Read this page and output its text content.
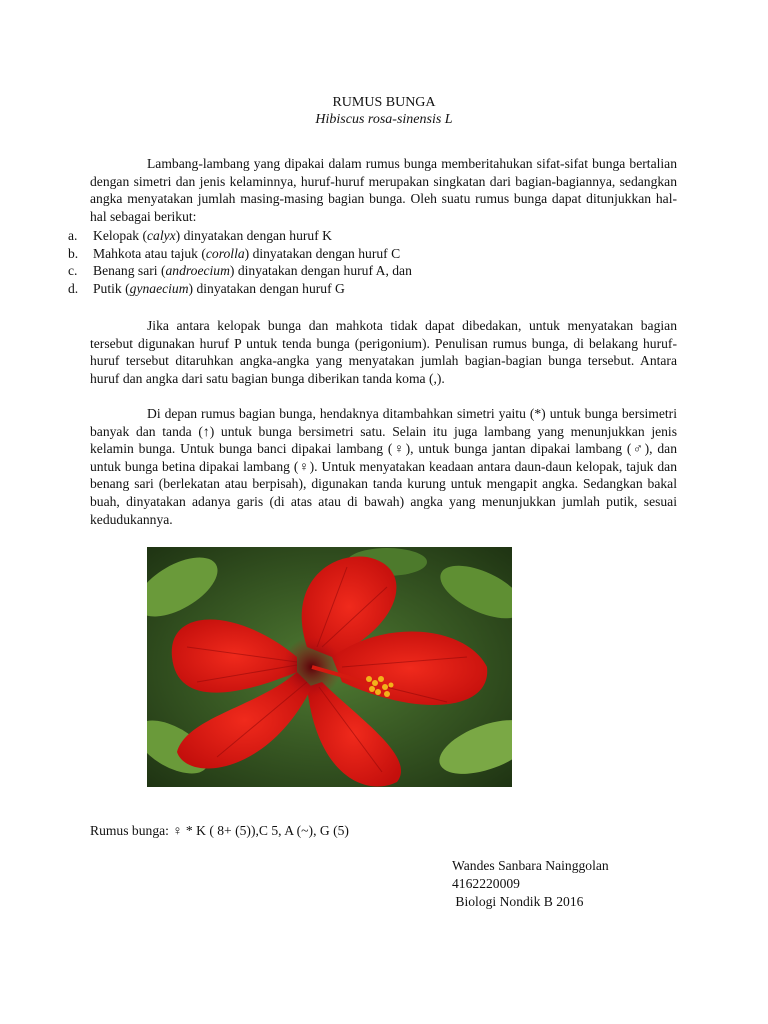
RUMUS BUNGA
Hibiscus rosa-sinensis L

Lambang-lambang yang dipakai dalam rumus bunga memberitahukan sifat-sifat bunga bertalian dengan simetri dan jenis kelaminnya, huruf-huruf merupakan singkatan dari bagian-bagiannya, sedangkan angka menyatakan jumlah masing-masing bagian bunga. Oleh suatu rumus bunga dapat ditunjukkan hal-hal sebagai berikut:

a.	Kelopak (calyx) dinyatakan dengan huruf K
b.	Mahkota atau tajuk (corolla) dinyatakan dengan huruf C
c.	Benang sari (androecium) dinyatakan dengan huruf A, dan
d.	Putik (gynaecium) dinyatakan dengan huruf G

Jika antara kelopak bunga dan mahkota tidak dapat dibedakan, untuk menyatakan bagian tersebut digunakan huruf P untuk tenda bunga (perigonium). Penulisan rumus bunga, di belakang huruf-huruf tersebut ditaruhkan angka-angka yang menyatakan jumlah bagian-bagian bunga tersebut. Antara huruf dan angka dari satu bagian bunga diberikan tanda koma (,).

Di depan rumus bagian bunga, hendaknya ditambahkan simetri yaitu (*) untuk bunga bersimetri banyak dan tanda (↑) untuk bunga bersimetri satu. Selain itu juga lambang yang menunjukkan jenis kelamin bunga. Untuk bunga banci dipakai lambang (♀), untuk bunga jantan dipakai lambang (♂), dan untuk bunga betina dipakai lambang (♀). Untuk menyatakan keadaan antara daun-daun kelopak, tajuk dan benang sari (berlekatan atau berpisah), digunakan tanda kurung untuk mengapit angka. Sedangkan bakal buah, dinyatakan adanya garis (di atas atau di bawah) angka yang menunjukkan jumlah putik, sesuai kedudukannya.

Rumus bunga: ♀ * K ( 8+ (5)),C 5, A (~), G (5)
Wandes Sanbara Nainggolan
4162220009
Biologi Nondik B 2016
